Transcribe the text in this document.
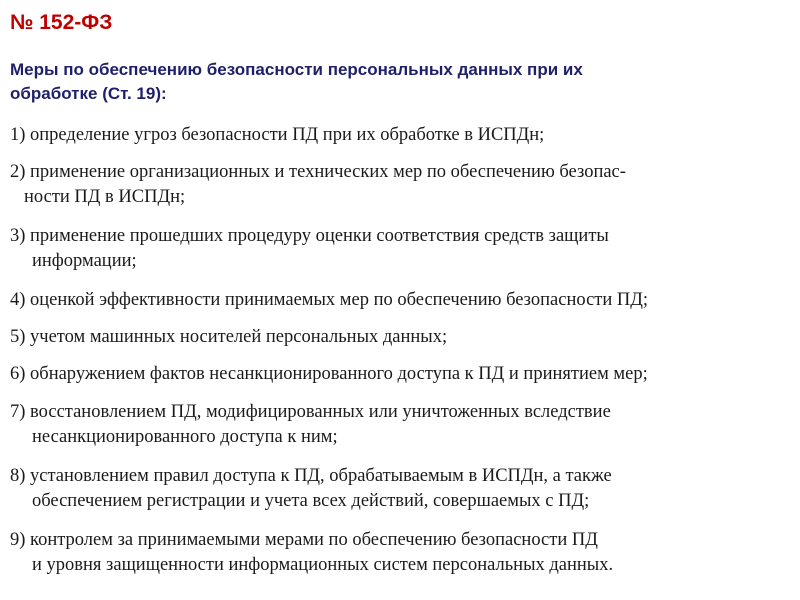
№ 152-ФЗ

Меры по обеспечению безопасности персональных данных при их
обработке (Ст. 19):

1) определение угроз безопасности ПД при их обработке в ИСПДн;

2) применение организационных и технических мер по обеспечению безопас-
ности ПД в ИСПДн;

3) применение прошедших процедуру оценки соответствия средств защиты
информации;

4) оценкой эффективности принимаемых мер по обеспечению безопасности ПД;

5) учетом машинных носителей персональных данных;

6) обнаружением фактов несанкционированного доступа к ПД и принятием мер;

7) восстановлением ПД, модифицированных или уничтоженных вследствие
несанкционированного доступа к ним;

8) установлением правил доступа к ПД, обрабатываемым в ИСПДн, а также
обеспечением регистрации и учета всех действий, совершаемых с ПД;

9) контролем за принимаемыми мерами по обеспечению безопасности ПД
и уровня защищенности информационных систем персональных данных.
